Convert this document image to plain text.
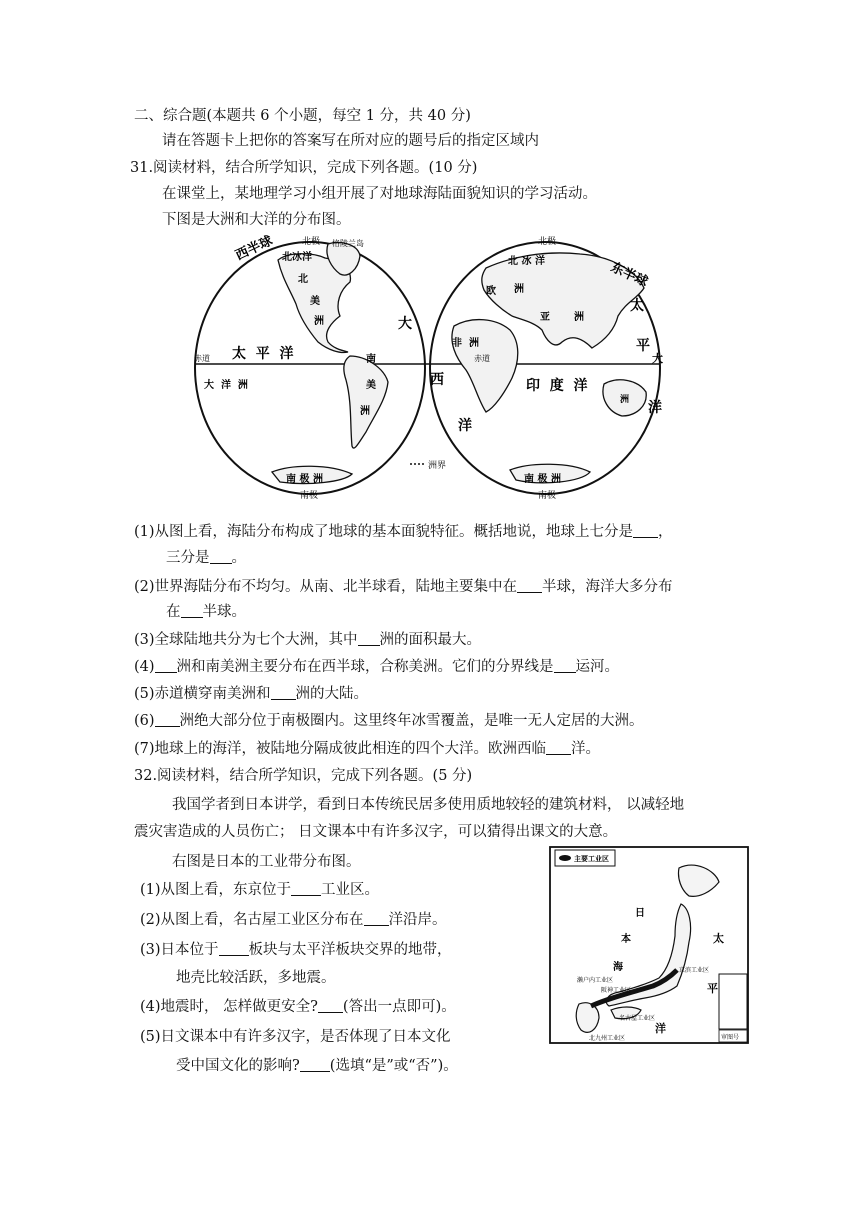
二、综合题(本题共 6 个小题，每空 1 分，共 40 分)
请在答题卡上把你的答案写在所对应的题号后的指定区域内
31.阅读材料，结合所学知识，完成下列各题。(10 分)
在课堂上，某地理学习小组开展了对地球海陆面貌知识的学习活动。
下图是大洲和大洋的分布图。
西半球	北极 格陵兰岛
北冰洋
北
美
洲	大
太  平  洋	南
赤道
大  洋  洲	美
洲
南 极 洲
南极
洲界
北极
东半球
北 冰 洋
欧 洲
太
亚 洲
非  洲
赤道
平
大
西	印  度  洋
洋
洲
洋
南 极 洲
南极
(1)从图上看，海陆分布构成了地球的基本面貌特征。概括地说，地球上七分是 ，
三分是 。
(2)世界海陆分布不均匀。从南、北半球看，陆地主要集中在 半球，海洋大多分布
在 半球。
(3)全球陆地共分为七个大洲，其中 洲的面积最大。
(4) 洲和南美洲主要分布在西半球，合称美洲。它们的分界线是 运河。
(5)赤道横穿南美洲和 洲的大陆。
(6) 洲绝大部分位于南极圈内。这里终年冰雪覆盖，是唯一无人定居的大洲。
(7)地球上的海洋，被陆地分隔成彼此相连的四个大洋。欧洲西临 洋。
32.阅读材料，结合所学知识，完成下列各题。(5 分)
我国学者到日本讲学，看到日本传统民居多使用质地较轻的建筑材料， 以减轻地
震灾害造成的人员伤亡； 日文课本中有许多汉字，可以猜得出课文的大意。
右图是日本的工业带分布图。
(1)从图上看，东京位于 工业区。
(2)从图上看，名古屋工业区分布在 洋沿岸。
(3)日本位于 板块与太平洋板块交界的地带，
地壳比较活跃，多地震。
(4)地震时， 怎样做更安全? (答出一点即可)。
(5)日文课本中有许多汉字，是否体现了日本文化
受中国文化的影响? (选填“是”或“否”)。
主要工业区
审图号
日
本
海
太
平
洋
濑户内工业区
阪神工业区
京滨工业区
名古屋工业区
北九州工业区
